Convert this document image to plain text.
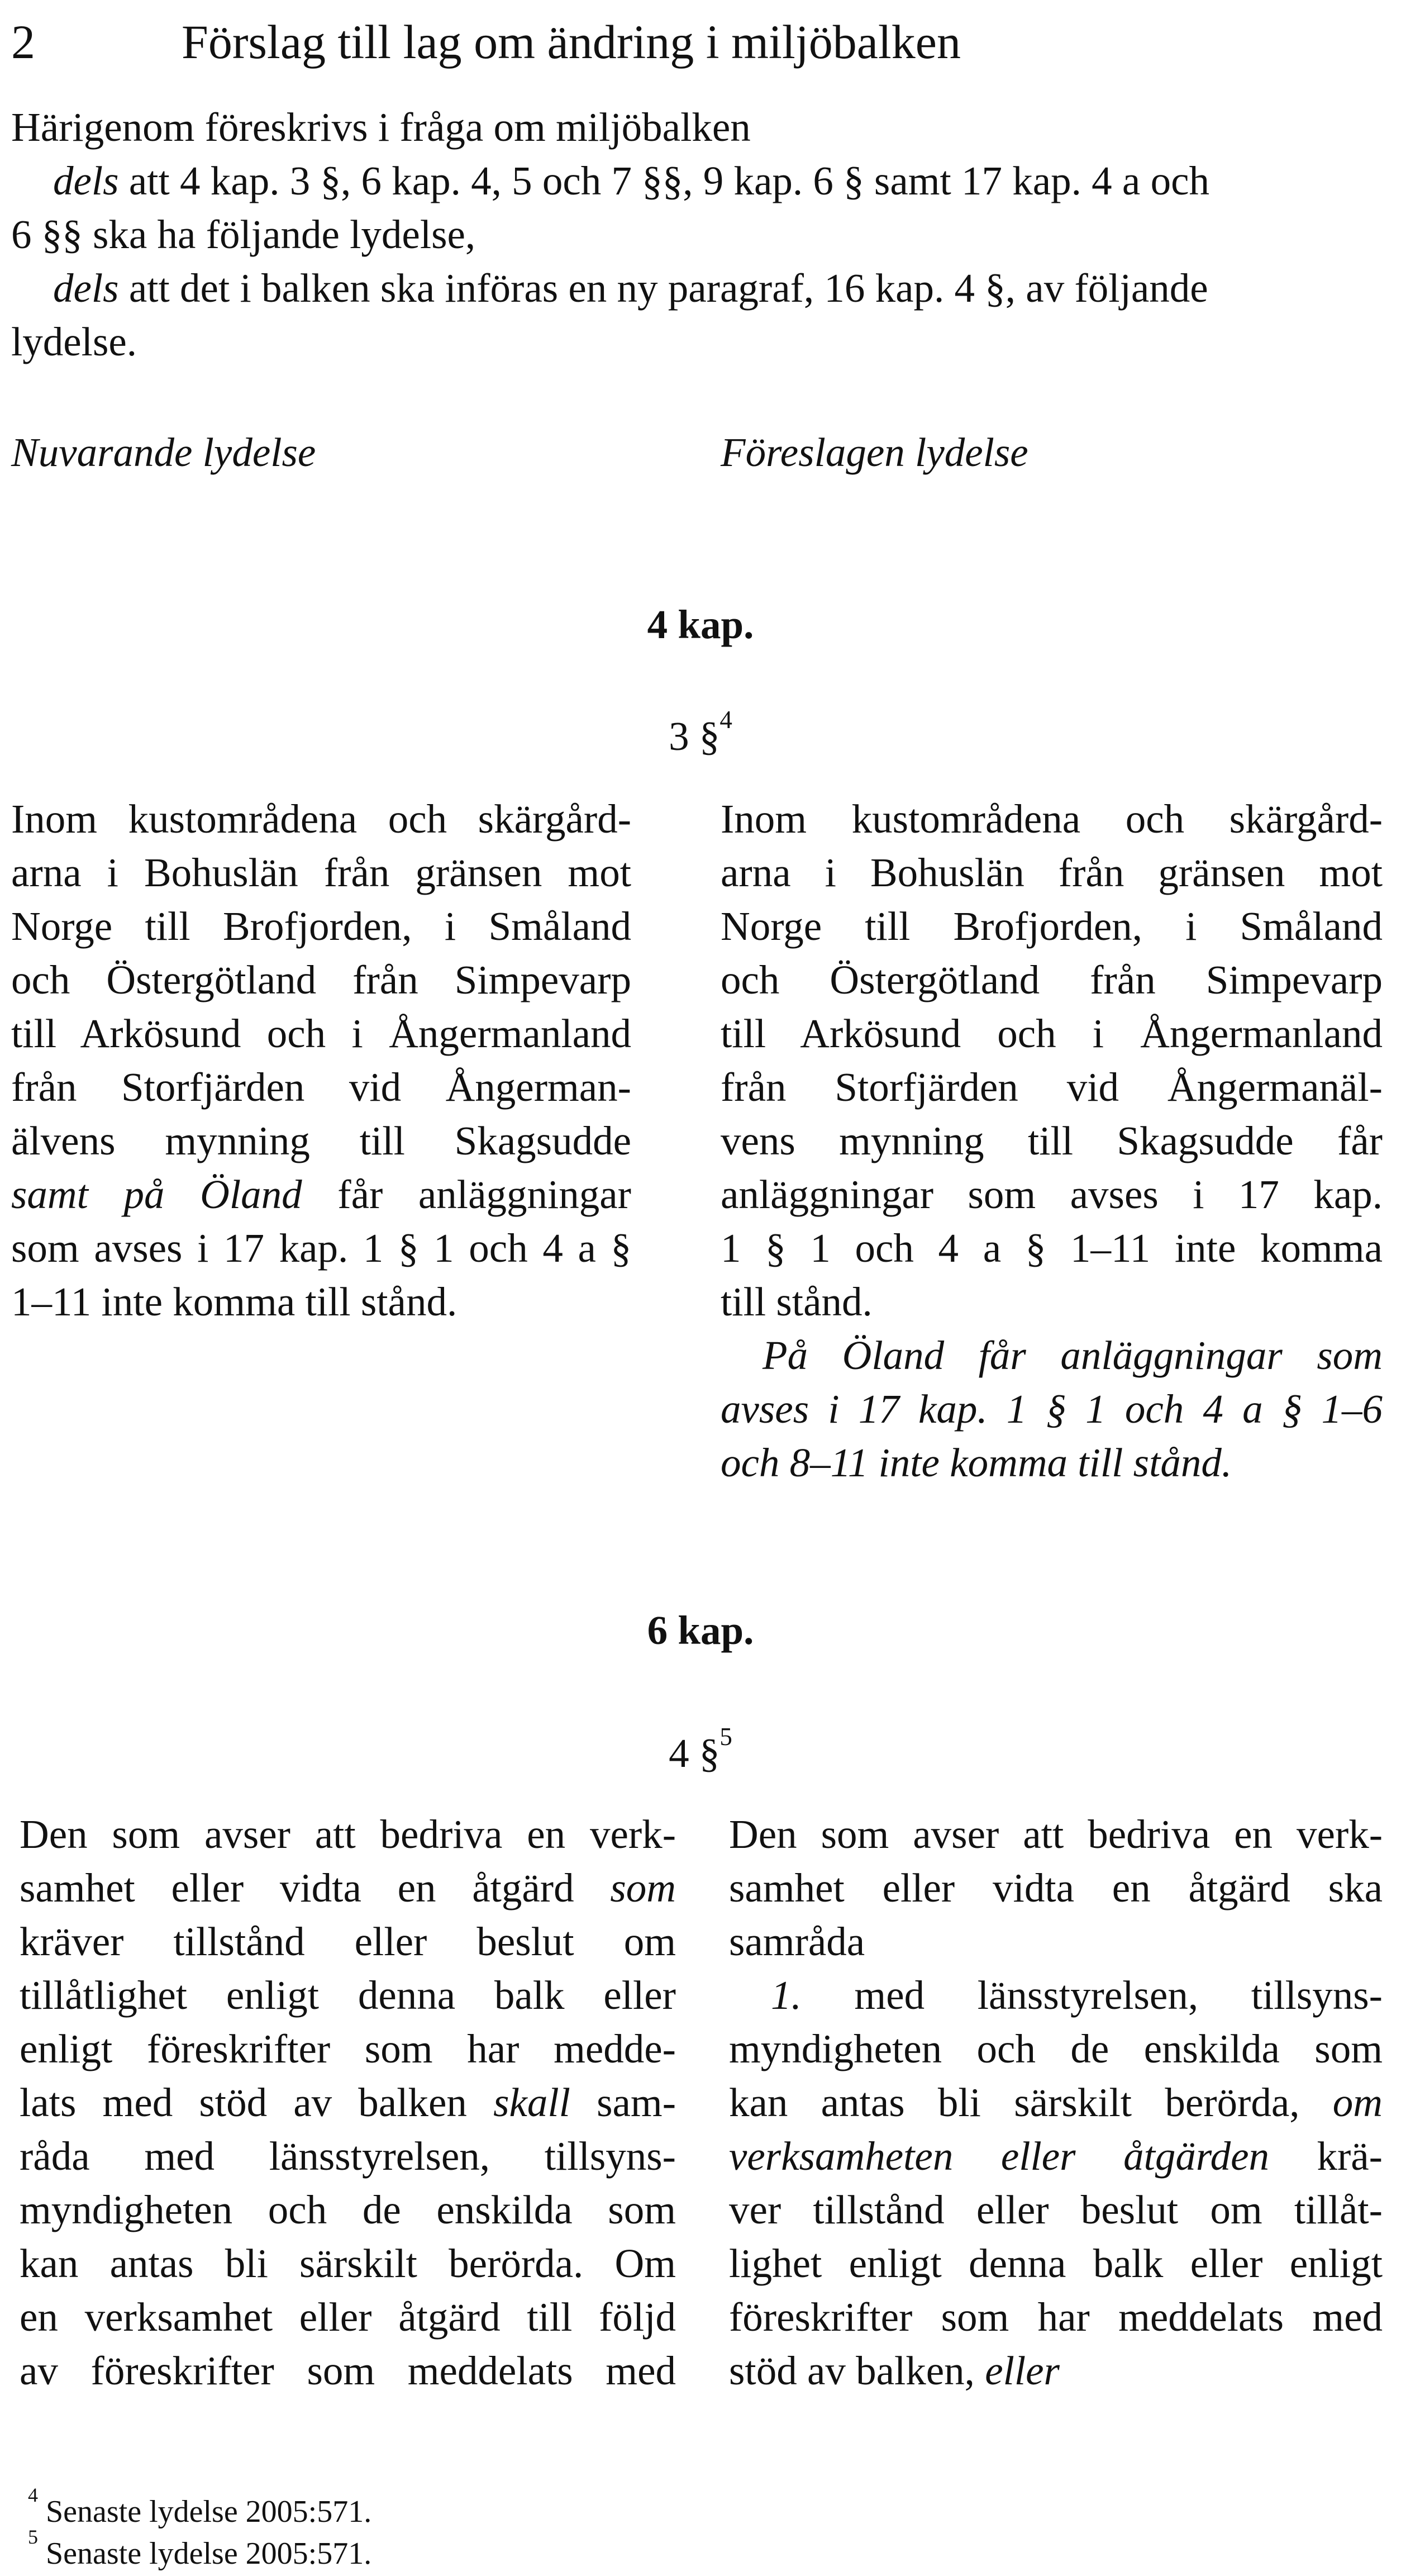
2	Förslag till lag om ändring i miljöbalken
Härigenom föreskrivs i fråga om miljöbalken
dels att 4 kap. 3 §, 6 kap. 4, 5 och 7 §§, 9 kap. 6 § samt 17 kap. 4 a och
6 §§ ska ha följande lydelse,
dels att det i balken ska införas en ny paragraf, 16 kap. 4 §, av följande
lydelse.
Nuvarande lydelse	Föreslagen lydelse
4 kap.
3 §$^4$
Inom kustområdena och skärgård-
arna i Bohuslän från gränsen mot
Norge till Brofjorden, i Småland
och Östergötland från Simpevarp
till Arkösund och i Ångermanland
från Storfjärden vid Ångerman-
älvens mynning till Skagsudde
samt på Öland får anläggningar
som avses i 17 kap. 1 § 1 och 4 a §
1–11 inte komma till stånd.
Inom kustområdena och skärgård-
arna i Bohuslän från gränsen mot
Norge till Brofjorden, i Småland
och Östergötland från Simpevarp
till Arkösund och i Ångermanland
från Storfjärden vid Ångermanäl-
vens mynning till Skagsudde får
anläggningar som avses i 17 kap.
1 § 1 och 4 a § 1–11 inte komma
till stånd.
På Öland får anläggningar som
avses i 17 kap. 1 § 1 och 4 a § 1–6
och 8–11 inte komma till stånd.
6 kap.
4 §$^5$
Den som avser att bedriva en verk-
samhet eller vidta en åtgärd som
kräver tillstånd eller beslut om
tillåtlighet enligt denna balk eller
enligt föreskrifter som har medde-
lats med stöd av balken skall sam-
råda med länsstyrelsen, tillsyns-
myndigheten och de enskilda som
kan antas bli särskilt berörda. Om
en verksamhet eller åtgärd till följd
av föreskrifter som meddelats med
Den som avser att bedriva en verk-
samhet eller vidta en åtgärd ska
samråda
1. med länsstyrelsen, tillsyns-
myndigheten och de enskilda som
kan antas bli särskilt berörda, om
verksamheten eller åtgärden krä-
ver tillstånd eller beslut om tillåt-
lighet enligt denna balk eller enligt
föreskrifter som har meddelats med
stöd av balken, eller
$^4$ Senaste lydelse 2005:571.
$^5$ Senaste lydelse 2005:571.
